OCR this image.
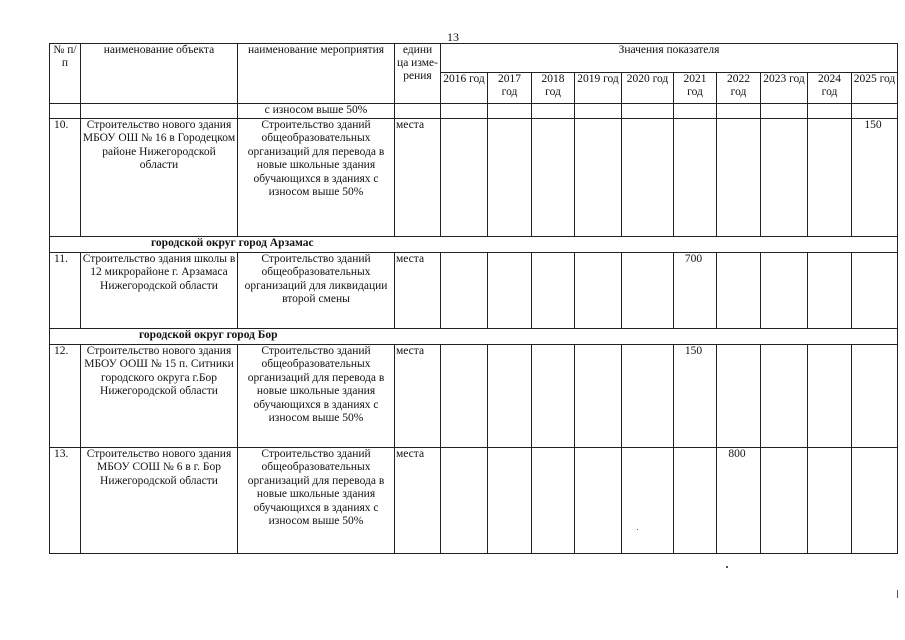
13
№ п/п	наименование объекта	наименование мероприятия	едини ца изме- рения	Значения показателя									
				2016 год	2017 год	2018 год	2019 год	2020 год	2021 год	2022 год	2023 год	2024 год	2025 год
		с износом выше 50%											
10.	Строительство нового здания МБОУ ОШ № 16 в Городецком районе Нижегородской области	Строительство зданий общеобразовательных организаций для перевода в новые школьные здания обучающихся в зданиях с износом выше 50%	места										150
городской округ город Арзамас													
11.	Строительство здания школы в 12 микрорайоне г. Арзамаса Нижегородской области	Строительство зданий общеобразовательных организаций для ликвидации второй смены	места						700				
городской округ город Бор													
12.	Строительство нового здания МБОУ ООШ № 15 п. Ситники городского округа г.Бор Нижегородской области	Строительство зданий общеобразовательных организаций для перевода в новые школьные здания обучающихся в зданиях с износом выше 50%	места						150				
13.	Строительство нового здания МБОУ СОШ № 6 в г. Бор Нижегородской области	Строительство зданий общеобразовательных организаций для перевода в новые школьные здания обучающихся в зданиях с износом выше 50%	места							800			
